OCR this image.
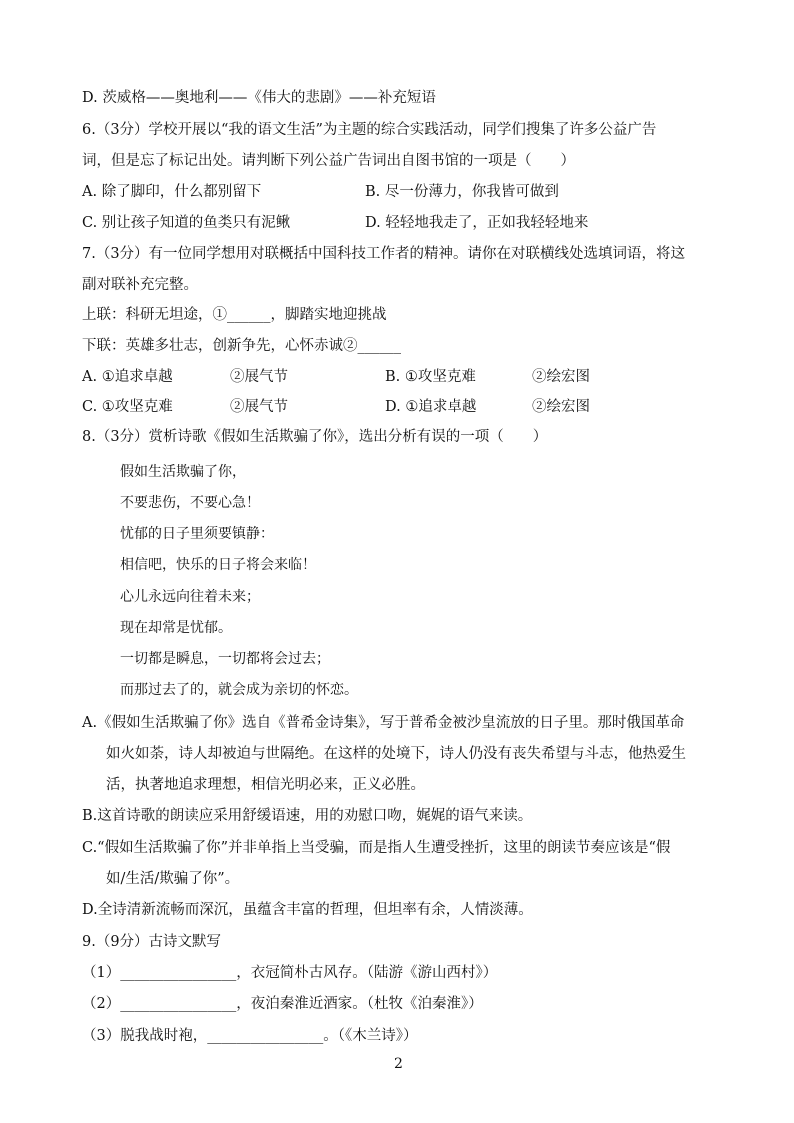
D. 茨威格——奥地利——《伟大的悲剧》——补充短语
6.（3分）学校开展以“我的语文生活”为主题的综合实践活动，同学们搜集了许多公益广告
词，但是忘了标记出处。请判断下列公益广告词出自图书馆的一项是（　　）
A. 除了脚印，什么都别留下	B. 尽一份薄力，你我皆可做到
C. 别让孩子知道的鱼类只有泥鳅	D. 轻轻地我走了，正如我轻轻地来
7.（3分）有一位同学想用对联概括中国科技工作者的精神。请你在对联横线处选填词语，将这
副对联补充完整。
上联：科研无坦途，①______，脚踏实地迎挑战
下联：英雄多壮志，创新争先，心怀赤诚②______
A. ①追求卓越	②展气节	B. ①攻坚克难	②绘宏图
C. ①攻坚克难	②展气节	D. ①追求卓越	②绘宏图
8.（3分）赏析诗歌《假如生活欺骗了你》，选出分析有误的一项（　　）
假如生活欺骗了你，
不要悲伤，不要心急！
忧郁的日子里须要镇静：
相信吧，快乐的日子将会来临！
心儿永远向往着未来；
现在却常是忧郁。
一切都是瞬息，一切都将会过去；
而那过去了的，就会成为亲切的怀恋。
A.《假如生活欺骗了你》选自《普希金诗集》，写于普希金被沙皇流放的日子里。那时俄国革命
如火如荼，诗人却被迫与世隔绝。在这样的处境下，诗人仍没有丧失希望与斗志，他热爱生
活，执著地追求理想，相信光明必来，正义必胜。
B.这首诗歌的朗读应采用舒缓语速，用的劝慰口吻，娓娓的语气来读。
C.“假如生活欺骗了你”并非单指上当受骗，而是指人生遭受挫折，这里的朗读节奏应该是“假
如/生活/欺骗了你”。
D.全诗清新流畅而深沉，虽蕴含丰富的哲理，但坦率有余，人情淡薄。
9.（9分）古诗文默写
（1）________________，衣冠简朴古风存。（陆游《游山西村》）
（2）________________，夜泊秦淮近酒家。（杜牧《泊秦淮》）
（3）脱我战时袍，________________。（《木兰诗》）
2
